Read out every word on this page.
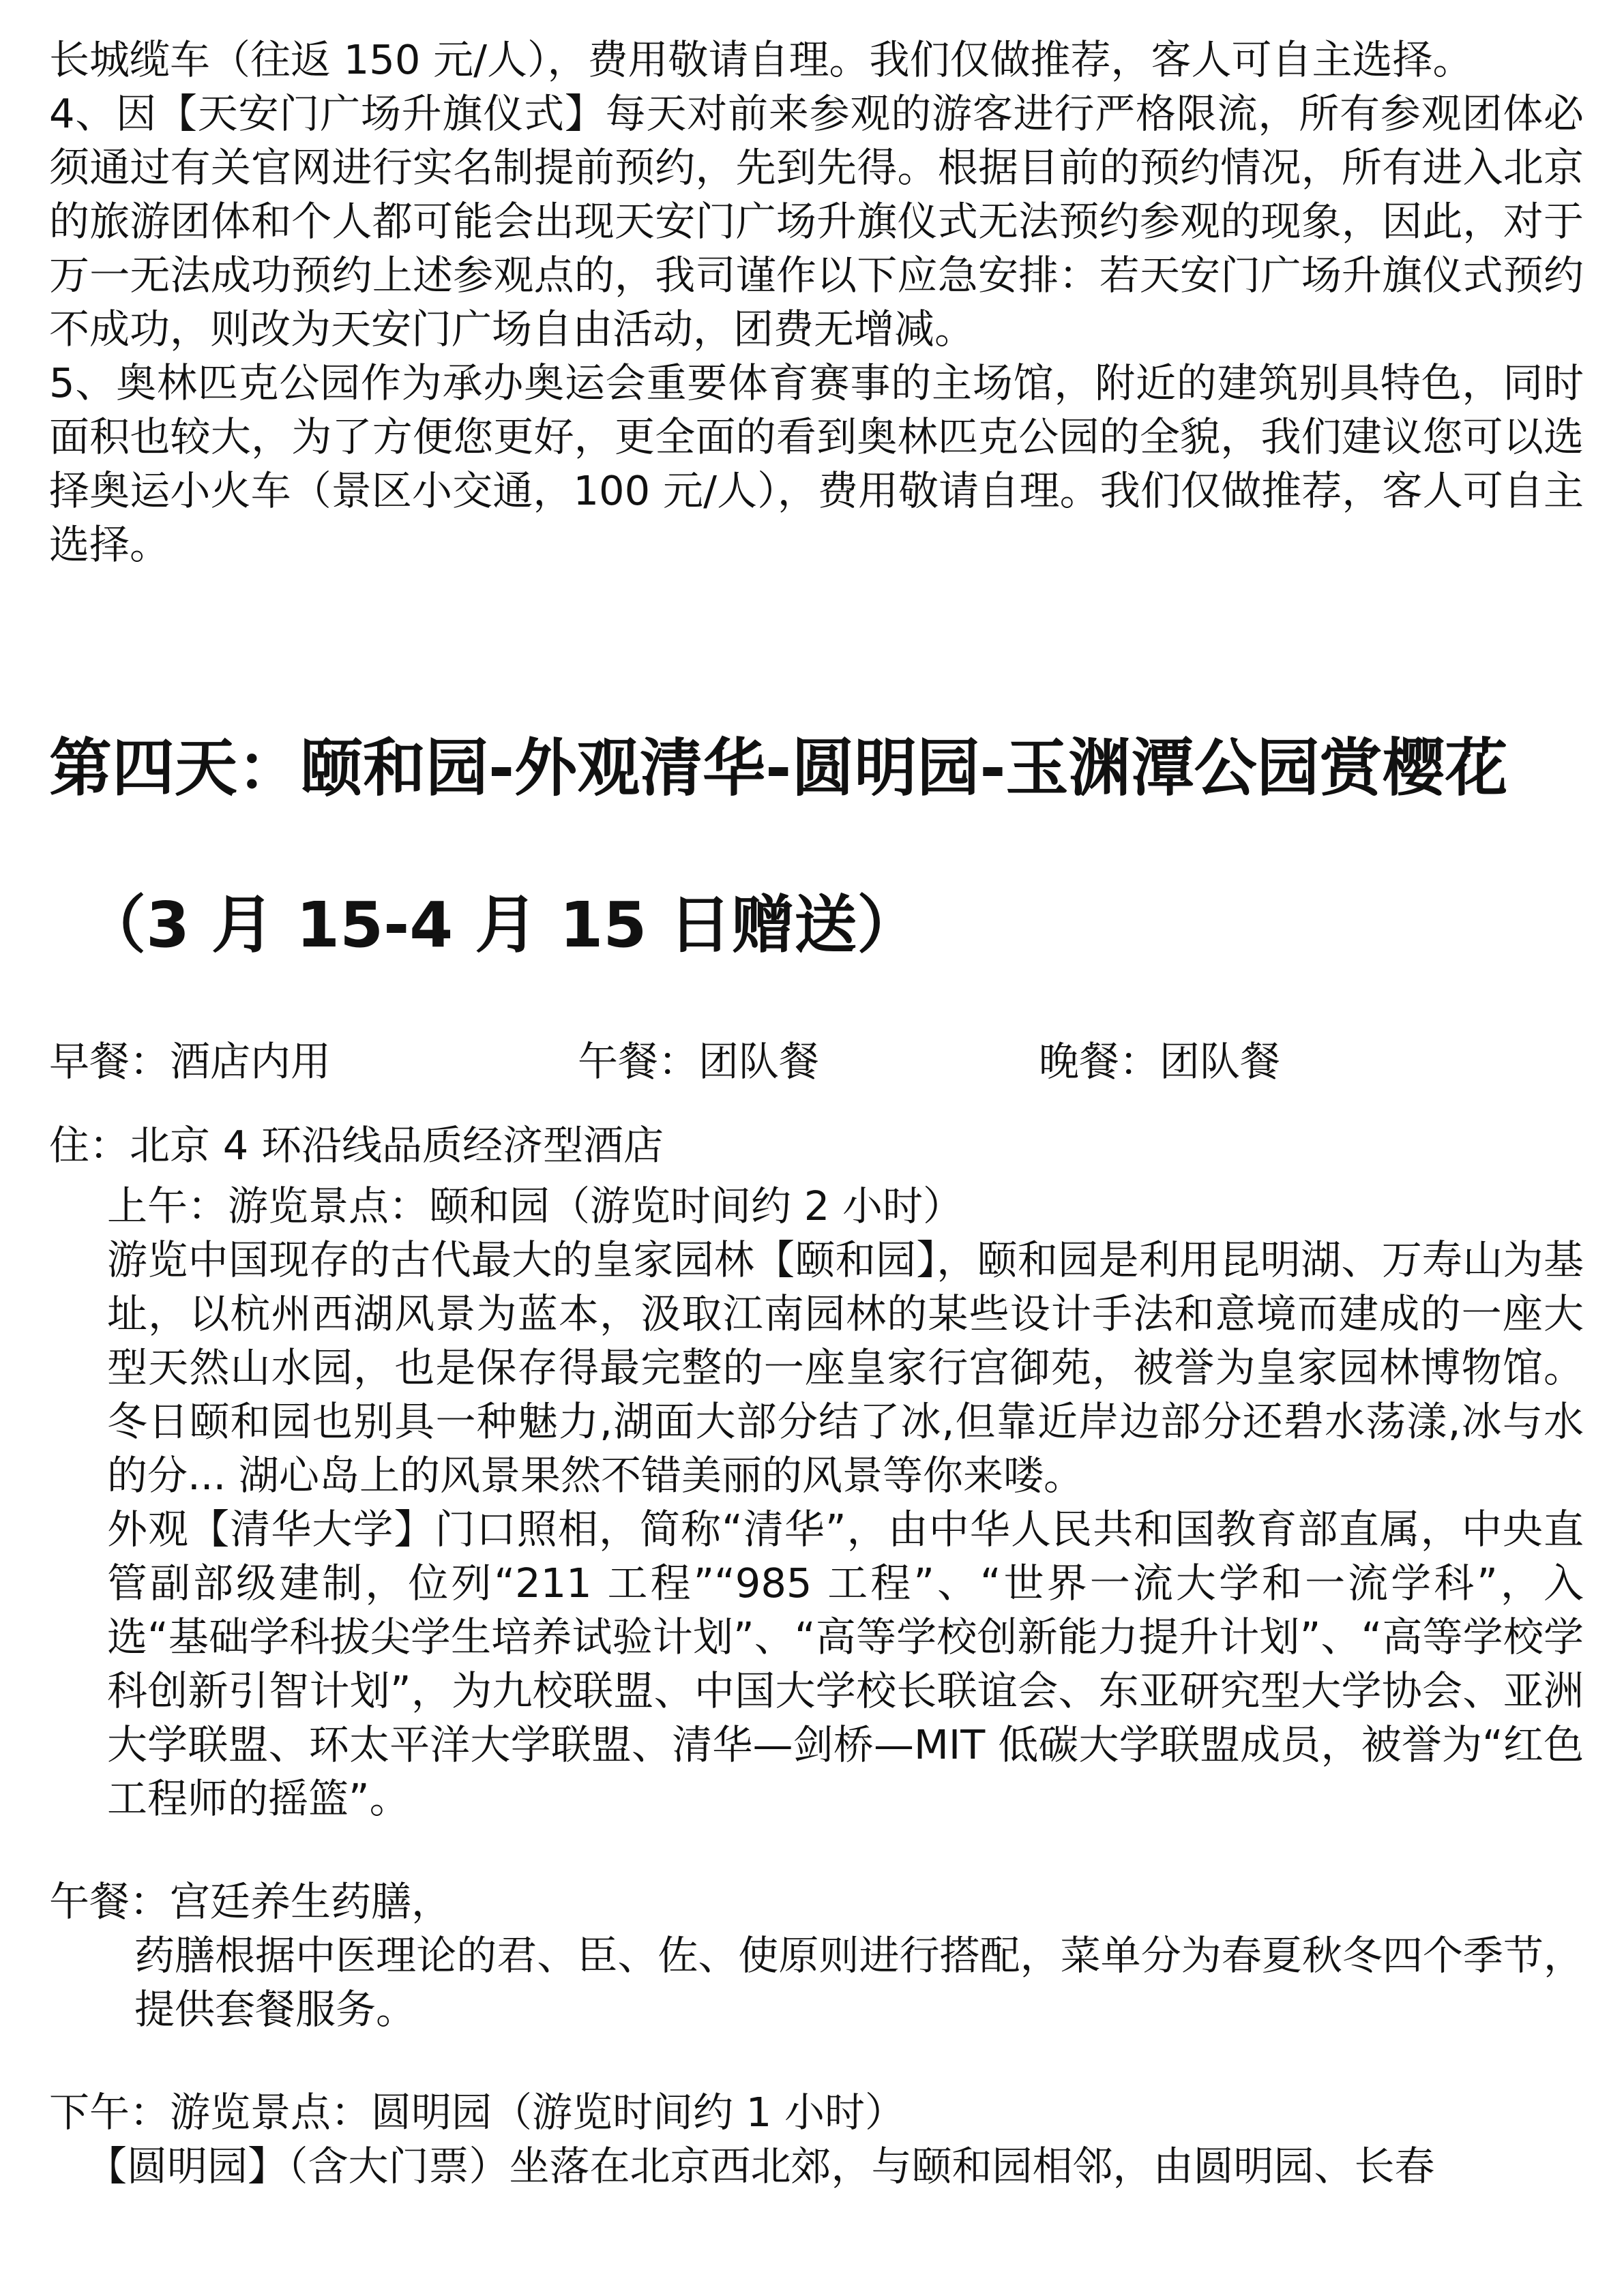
长城缆车（往返 150 元/人），费用敬请自理。我们仅做推荐，客人可自主选择。
4、因【天安门广场升旗仪式】每天对前来参观的游客进行严格限流，所有参观团体必须通过有关官网进行实名制提前预约，先到先得。根据目前的预约情况，所有进入北京的旅游团体和个人都可能会出现天安门广场升旗仪式无法预约参观的现象，因此，对于万一无法成功预约上述参观点的，我司谨作以下应急安排：若天安门广场升旗仪式预约不成功，则改为天安门广场自由活动，团费无增减。
5、奥林匹克公园作为承办奥运会重要体育赛事的主场馆，附近的建筑别具特色，同时面积也较大，为了方便您更好，更全面的看到奥林匹克公园的全貌，我们建议您可以选择奥运小火车（景区小交通，100 元/人），费用敬请自理。我们仅做推荐，客人可自主选择。
第四天：颐和园-外观清华-圆明园-玉渊潭公园赏樱花
（3 月 15-4 月 15 日赠送）
早餐：酒店内用	午餐：团队餐	晚餐：团队餐
住：北京 4 环沿线品质经济型酒店
上午：游览景点：颐和园（游览时间约 2 小时）
游览中国现存的古代最大的皇家园林【颐和园】，颐和园是利用昆明湖、万寿山为基址，以杭州西湖风景为蓝本，汲取江南园林的某些设计手法和意境而建成的一座大型天然山水园，也是保存得最完整的一座皇家行宫御苑，被誉为皇家园林博物馆。冬日颐和园也别具一种魅力,湖面大部分结了冰,但靠近岸边部分还碧水荡漾,冰与水的分... 湖心岛上的风景果然不错美丽的风景等你来喽。
外观【清华大学】门口照相，简称“清华”，由中华人民共和国教育部直属，中央直管副部级建制，位列“211 工程”“985 工程”、“世界一流大学和一流学科”，入选“基础学科拔尖学生培养试验计划”、“高等学校创新能力提升计划”、“高等学校学科创新引智计划”，为九校联盟、中国大学校长联谊会、东亚研究型大学协会、亚洲大学联盟、环太平洋大学联盟、清华—剑桥—MIT 低碳大学联盟成员，被誉为“红色工程师的摇篮”。
午餐：宫廷养生药膳，
药膳根据中医理论的君、臣、佐、使原则进行搭配，菜单分为春夏秋冬四个季节，提供套餐服务。
下午：游览景点：圆明园（游览时间约 1 小时）
【圆明园】（含大门票）坐落在北京西北郊，与颐和园相邻，由圆明园、长春
